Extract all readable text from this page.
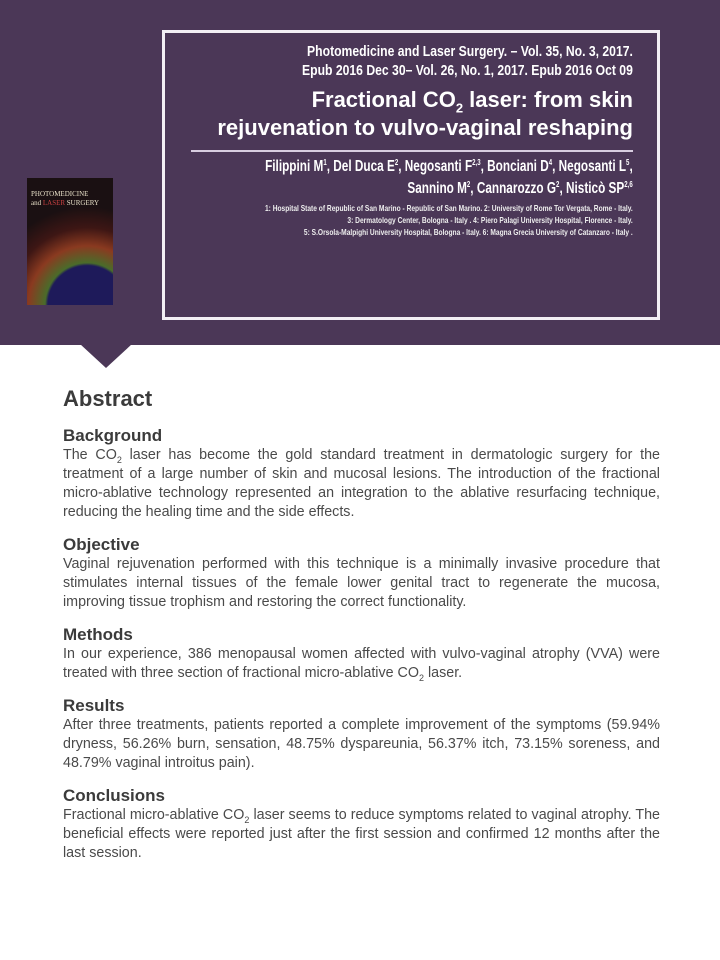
PHOTOMEDICINE
and LASER SURGERY
Photomedicine and Laser Surgery. – Vol. 35, No. 3, 2017.
Epub 2016 Dec 30– Vol. 26, No. 1, 2017. Epub 2016 Oct 09
Fractional $CO_2$ laser: from skin rejuvenation to vulvo-vaginal reshaping
Filippini $M^1$, Del Duca $E^2$, Negosanti F$^{2,3}$, Bonciani $D^4$, Negosanti $L^5$,
Sannino $M^2$, Cannarozzo $G^2$, Nisticò SP$^{2,6}$
1: Hospital State of Republic of San Marino - Republic of San Marino. 2: University of Rome Tor Vergata, Rome - Italy.
3: Dermatology Center, Bologna - Italy . 4: Piero Palagi University Hospital, Florence - Italy.
5: S.Orsola-Malpighi University Hospital, Bologna - Italy. 6: Magna Grecia University of Catanzaro - Italy .
Abstract
Background

The $CO_2$ laser has become the gold standard treatment in dermatologic surgery for the treatment of a large number of skin and mucosal lesions. The introduction of the fractional micro-ablative technology represented an integration to the ablative resurfacing technique, reducing the healing time and the side effects.

Objective

Vaginal rejuvenation performed with this technique is a minimally invasive procedure that stimulates internal tissues of the female lower genital tract to regenerate the mucosa, improving tissue trophism and restoring the correct functionality.

Methods

In our experience, 386 menopausal women affected with vulvo-vaginal atrophy (VVA) were treated with three section of fractional micro-ablative $CO_2$ laser.

Results

After three treatments, patients reported a complete improvement of the symptoms (59.94% dryness, 56.26% burn, sensation, 48.75% dyspareunia, 56.37% itch, 73.15% soreness, and 48.79% vaginal introitus pain).

Conclusions

Fractional micro-ablative $CO_2$ laser seems to reduce symptoms related to vaginal atrophy. The beneficial effects were reported just after the first session and confirmed 12 months after the last session.
